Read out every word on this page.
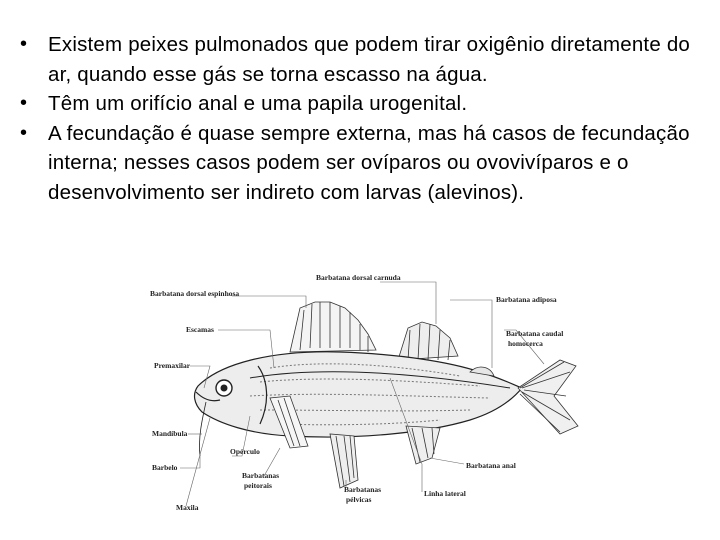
• Existem peixes pulmonados que podem tirar oxigênio diretamente do ar, quando esse gás se torna escasso na água.
• Têm um orifício anal e uma papila urogenital.
• A fecundação é quase sempre externa, mas há casos de fecundação interna; nesses casos podem ser ovíparos ou ovovivíparos e o desenvolvimento ser indireto com larvas (alevinos).
Barbatana dorsal carnuda
Barbatana dorsal espinhosa
Barbatana adiposa
Escamas	Barbatana caudal
homocerca
Premaxilar
Mandíbula
Opérculo
Barbelo
Barbatanas
peitorais
Barbatana anal
Barbatanas
pélvicas
Linha lateral
Maxila
